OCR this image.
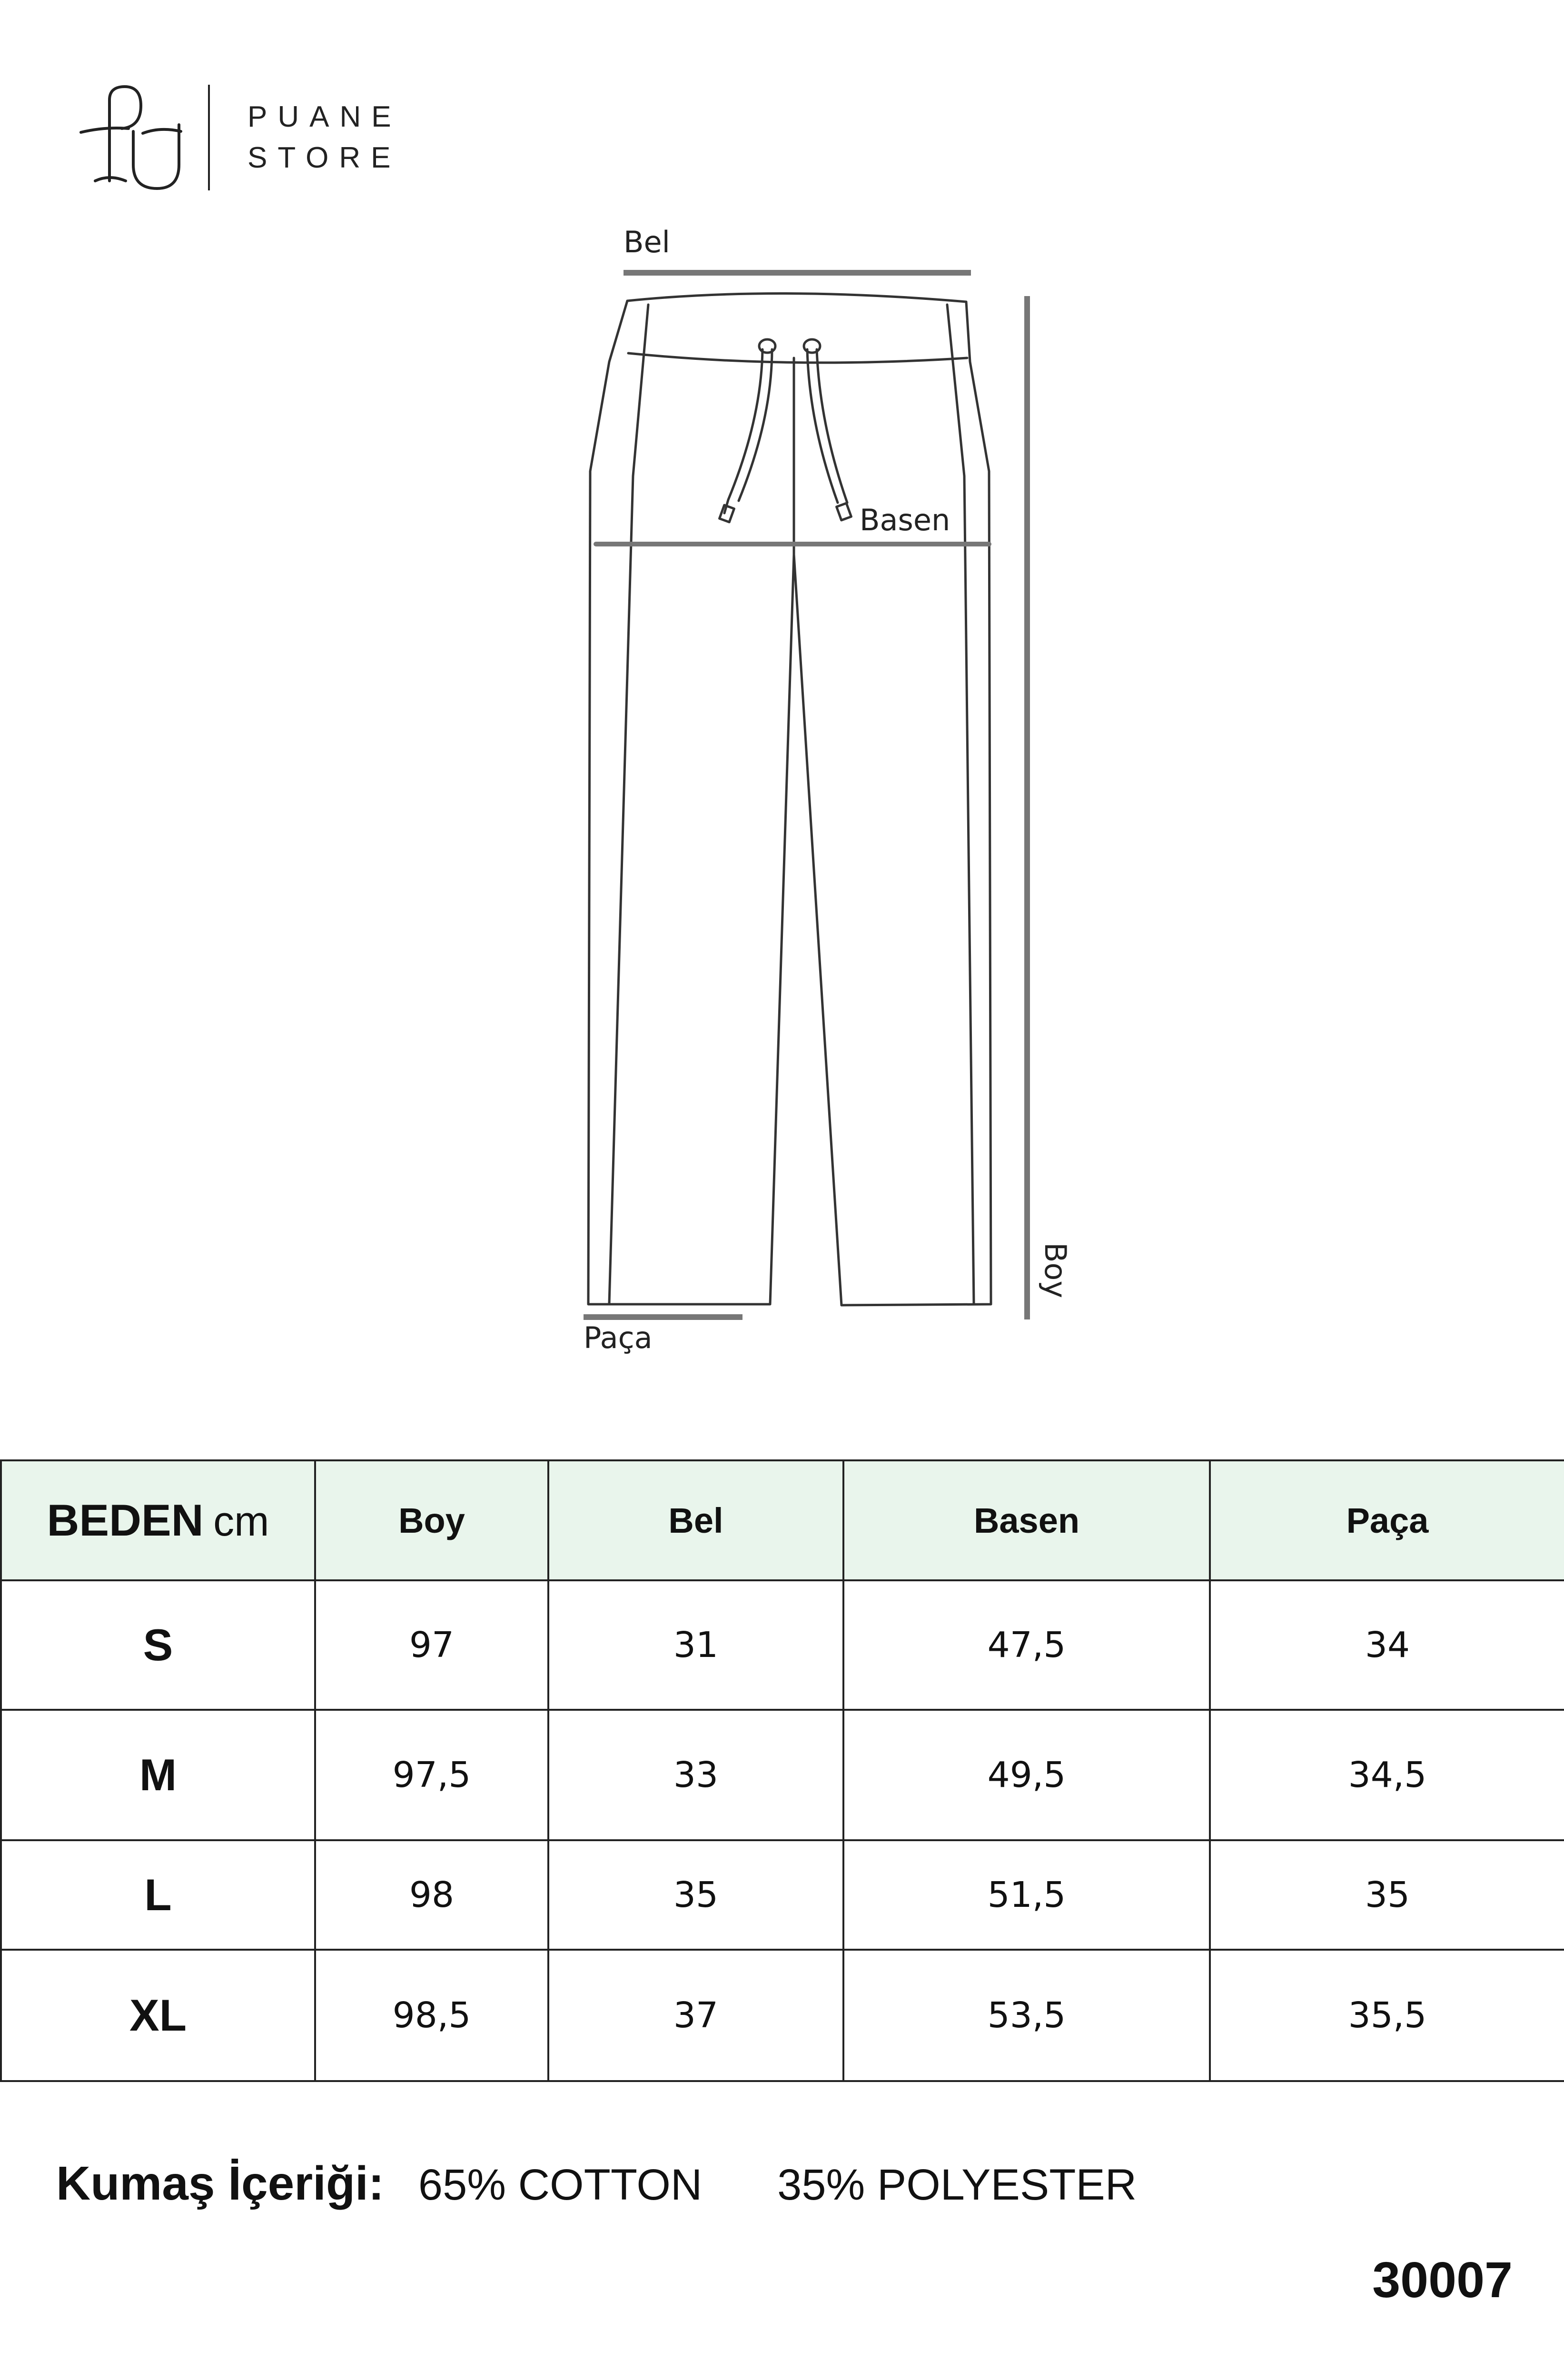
PUANE
STORE
Bel
Basen
Boy
Paça
BEDEN cm	Boy	Bel	Basen	Paça
S	97	31	47,5	34
M	97,5	33	49,5	34,5
L	98	35	51,5	35
XL	98,5	37	53,5	35,5
Kumaş İçeriği: 65% COTTON 35% POLYESTER
30007
